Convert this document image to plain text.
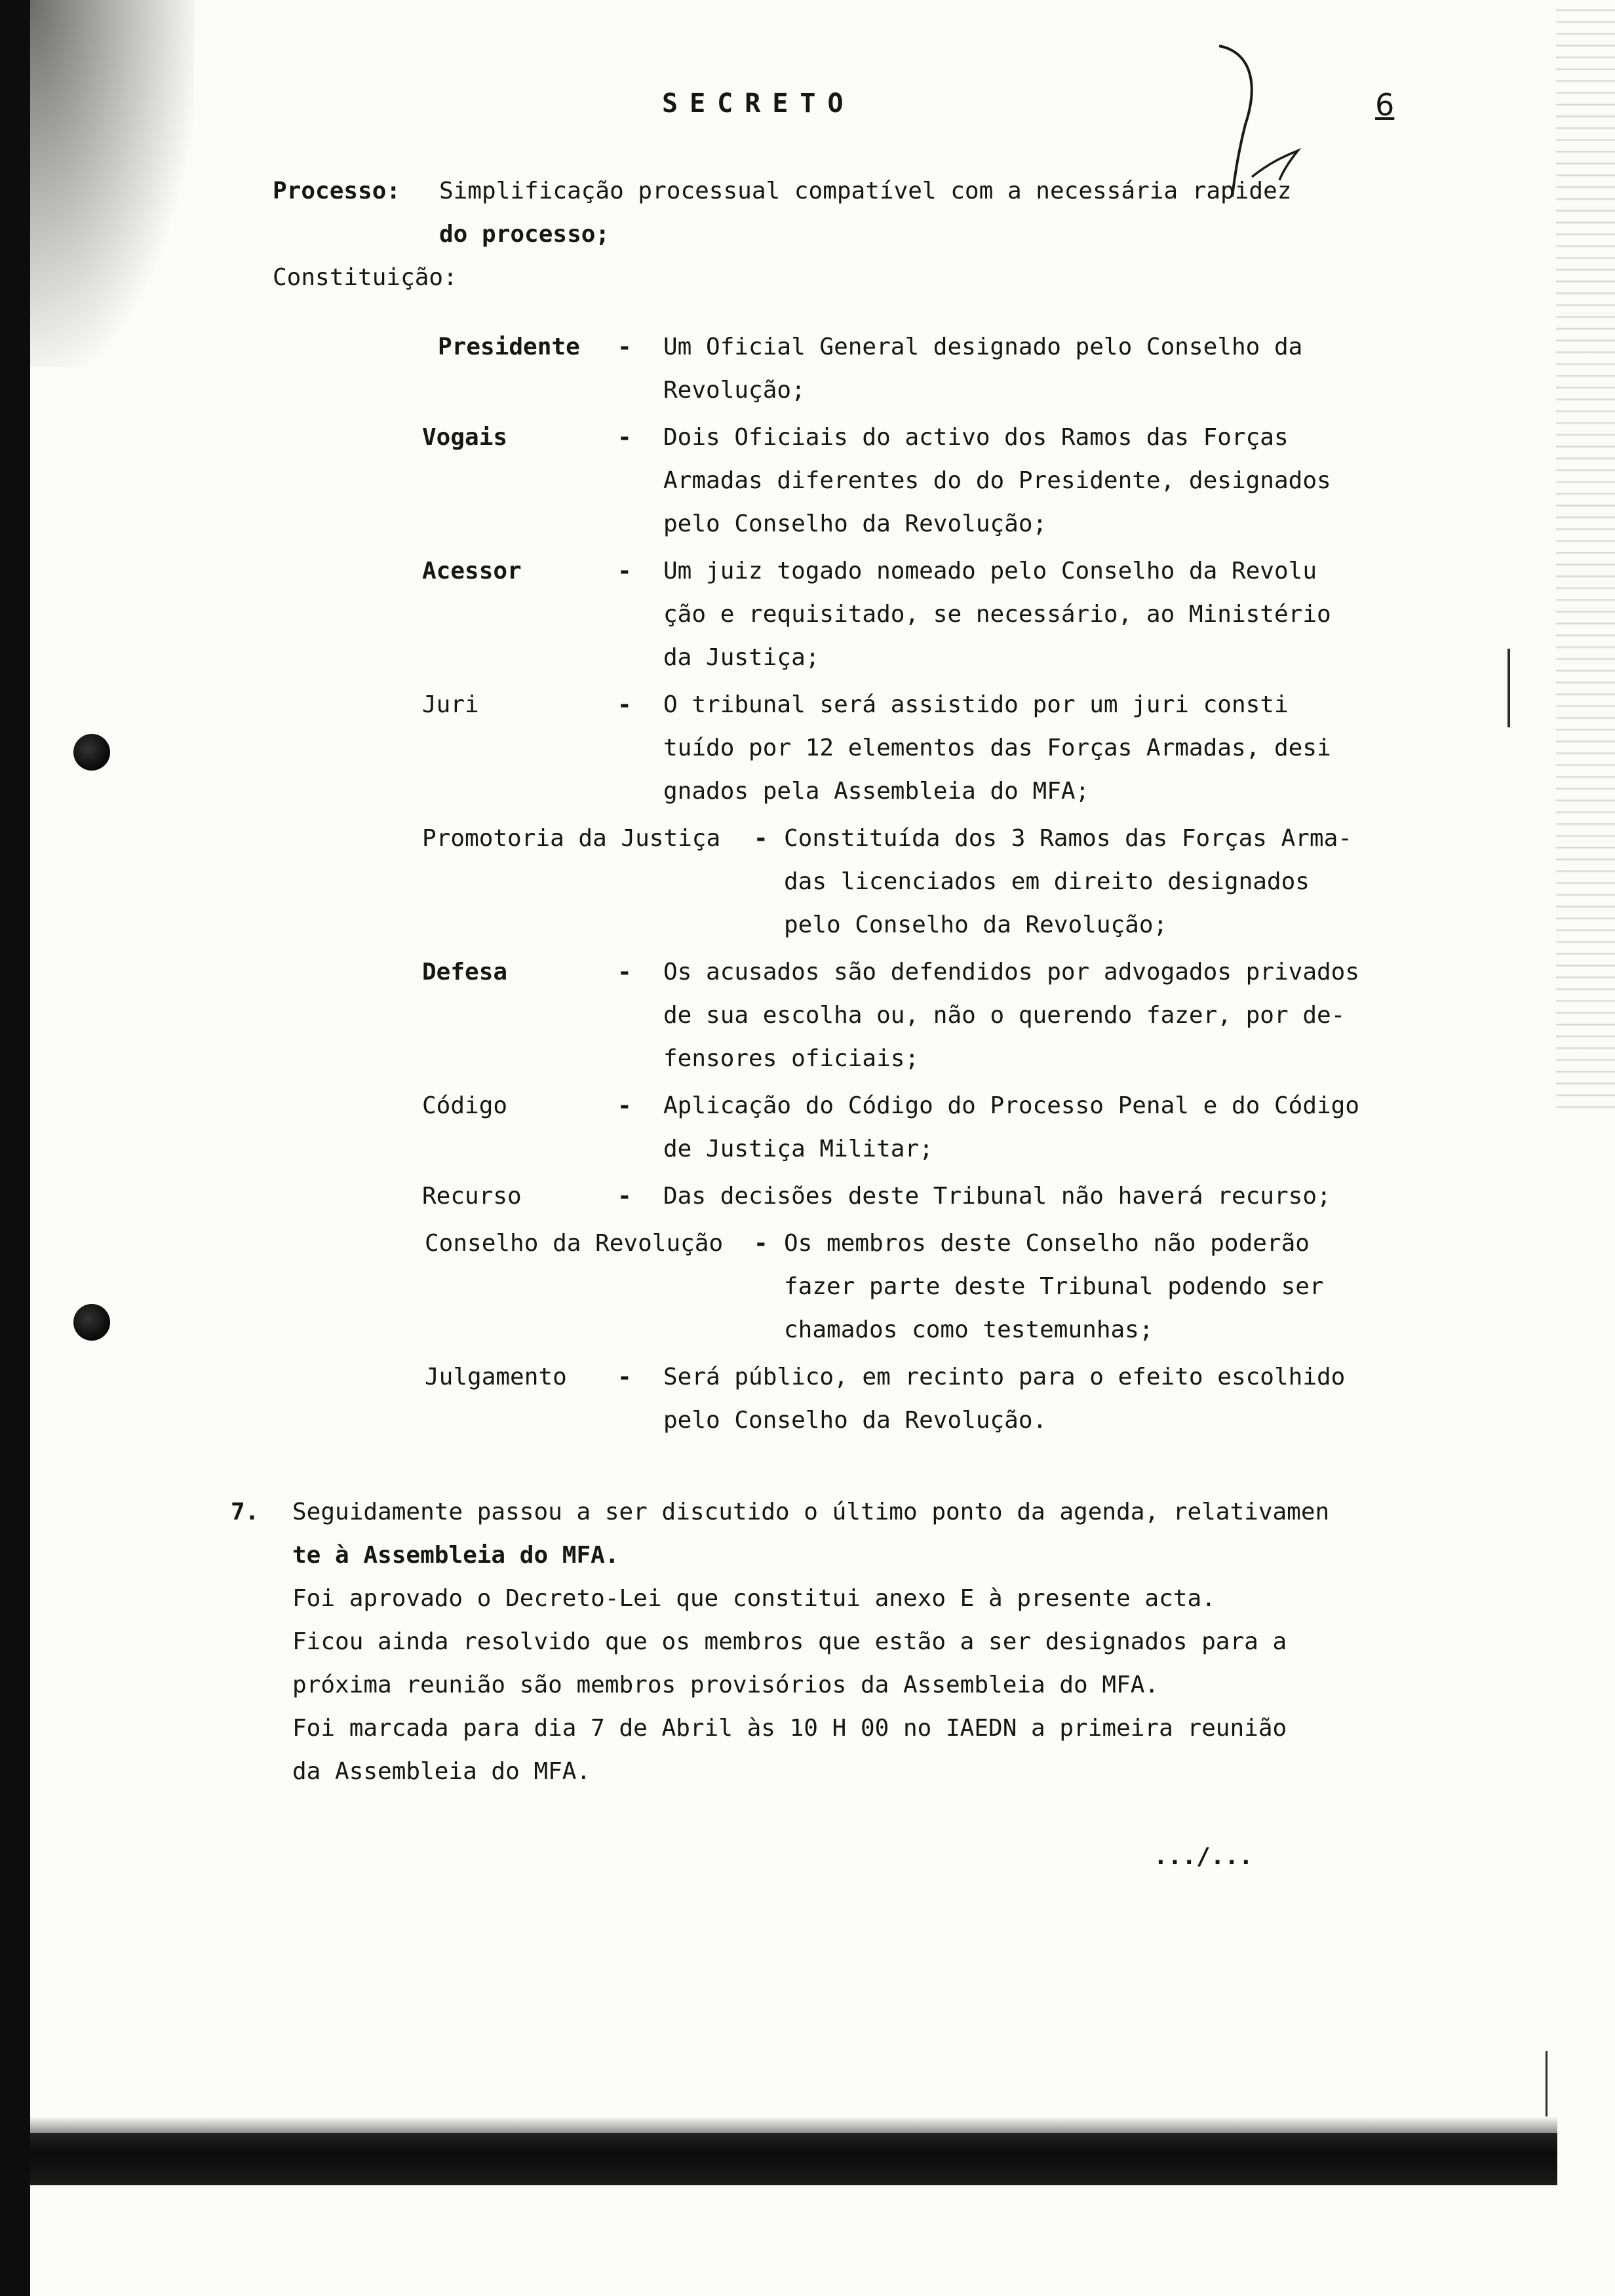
SECRETO	6
Processo: Simplificação processual compatível com a necessária rapidez
do processo;
Constituição:
Presidente - Um Oficial General designado pelo Conselho da
Revolução;
Vogais	- Dois Oficiais do activo dos Ramos das Forças
Armadas diferentes do do Presidente, designados
pelo Conselho da Revolução;
Acessor	- Um juiz togado nomeado pelo Conselho da Revolu
ção e requisitado, se necessário, ao Ministério
da Justiça;
Juri	- O tribunal será assistido por um juri consti
tuído por 12 elementos das Forças Armadas, desi
gnados pela Assembleia do MFA;
Promotoria da Justiça - Constituída dos 3 Ramos das Forças Arma-
das licenciados em direito designados
pelo Conselho da Revolução;
Defesa	- Os acusados são defendidos por advogados privados
de sua escolha ou, não o querendo fazer, por de-
fensores oficiais;
Código	- Aplicação do Código do Processo Penal e do Código
de Justiça Militar;
Recurso	- Das decisões deste Tribunal não haverá recurso;
Conselho da Revolução - Os membros deste Conselho não poderão
fazer parte deste Tribunal podendo ser
chamados como testemunhas;
Julgamento - Será público, em recinto para o efeito escolhido
pelo Conselho da Revolução.
7. Seguidamente passou a ser discutido o último ponto da agenda, relativamen
te à Assembleia do MFA.
Foi aprovado o Decreto-Lei que constitui anexo E à presente acta.
Ficou ainda resolvido que os membros que estão a ser designados para a
próxima reunião são membros provisórios da Assembleia do MFA.
Foi marcada para dia 7 de Abril às 10 H 00 no IAEDN a primeira reunião
da Assembleia do MFA.
.../...
